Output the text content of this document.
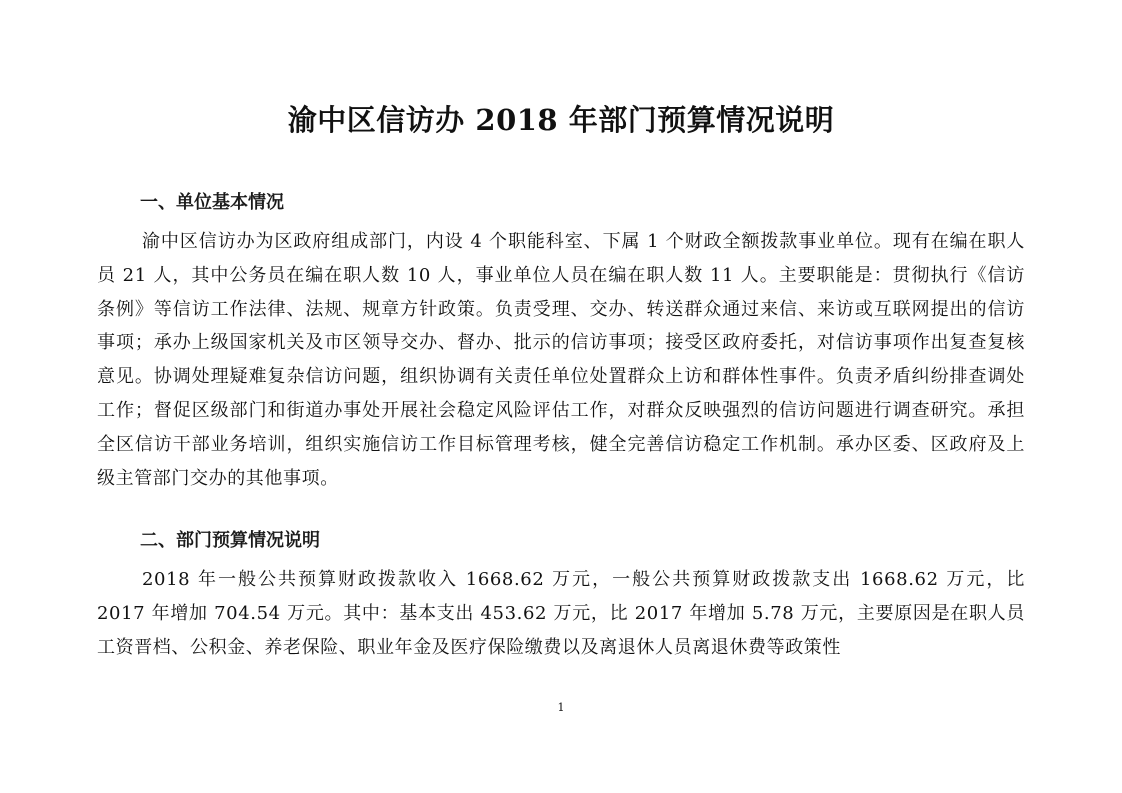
渝中区信访办 2018 年部门预算情况说明
一、单位基本情况

渝中区信访办为区政府组成部门，内设 4 个职能科室、下属 1 个财政全额拨款事业单位。现有在编在职人员 21 人，其中公务员在编在职人数 10 人，事业单位人员在编在职人数 11 人。主要职能是：贯彻执行《信访条例》等信访工作法律、法规、规章方针政策。负责受理、交办、转送群众通过来信、来访或互联网提出的信访事项；承办上级国家机关及市区领导交办、督办、批示的信访事项；接受区政府委托，对信访事项作出复查复核意见。协调处理疑难复杂信访问题，组织协调有关责任单位处置群众上访和群体性事件。负责矛盾纠纷排查调处工作；督促区级部门和街道办事处开展社会稳定风险评估工作，对群众反映强烈的信访问题进行调查研究。承担全区信访干部业务培训，组织实施信访工作目标管理考核，健全完善信访稳定工作机制。承办区委、区政府及上级主管部门交办的其他事项。

二、部门预算情况说明

2018 年一般公共预算财政拨款收入 1668.62 万元，一般公共预算财政拨款支出 1668.62 万元，比 2017 年增加 704.54 万元。其中：基本支出 453.62 万元，比 2017 年增加 5.78 万元，主要原因是在职人员工资晋档、公积金、养老保险、职业年金及医疗保险缴费以及离退休人员离退休费等政策性

1
